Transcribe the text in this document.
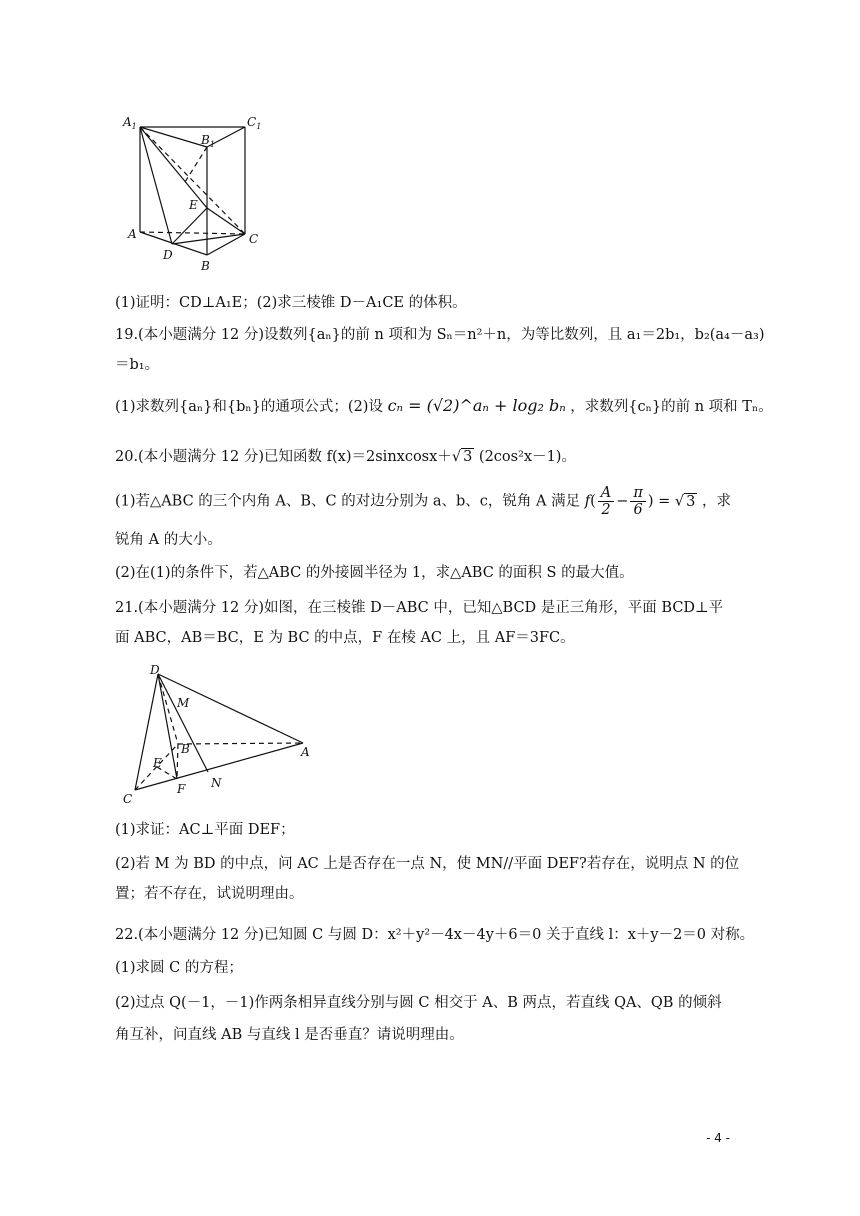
$A_1$
$B_1$
$C_1$
E
A
D
C
B
(1)证明：CD⊥A₁E；(2)求三棱锥 D－A₁CE 的体积。
19.(本小题满分 12 分)设数列{aₙ}的前 n 项和为 Sₙ＝n²＋n，为等比数列，且 a₁＝2b₁，b₂(a₄－a₃)
＝b₁。
(1)求数列{aₙ}和{bₙ}的通项公式；(2)设 cₙ = (√2)^aₙ + log₂ bₙ ，求数列{cₙ}的前 n 项和 Tₙ。
20.(本小题满分 12 分)已知函数 f(x)＝2sinxcosx＋√ 3 (2cos²x－1)。
(1)若△ABC 的三个内角 A、B、C 的对边分别为 a、b、c，锐角 A 满足 $f( \frac{A}{2} - \frac{\pi}{6}$ ) = √ 3 ，求
锐角 A 的大小。
(2)在(1)的条件下，若△ABC 的外接圆半径为 1，求△ABC 的面积 S 的最大值。
21.(本小题满分 12 分)如图，在三棱锥 D－ABC 中，已知△BCD 是正三角形，平面 BCD⊥平
面 ABC，AB＝BC，E 为 BC 的中点，F 在棱 AC 上，且 AF＝3FC。
D
M
B	A
E
N
F
C
(1)求证：AC⊥平面 DEF；
(2)若 M 为 BD 的中点，问 AC 上是否存在一点 N，使 MN//平面 DEF?若存在，说明点 N 的位
置；若不存在，试说明理由。
22.(本小题满分 12 分)已知圆 C 与圆 D：x²＋y²－4x－4y＋6＝0 关于直线 l：x＋y－2＝0 对称。
(1)求圆 C 的方程；
(2)过点 Q(－1，－1)作两条相异直线分别与圆 C 相交于 A、B 两点，若直线 QA、QB 的倾斜
角互补，问直线 AB 与直线 l 是否垂直？请说明理由。
- 4 -
